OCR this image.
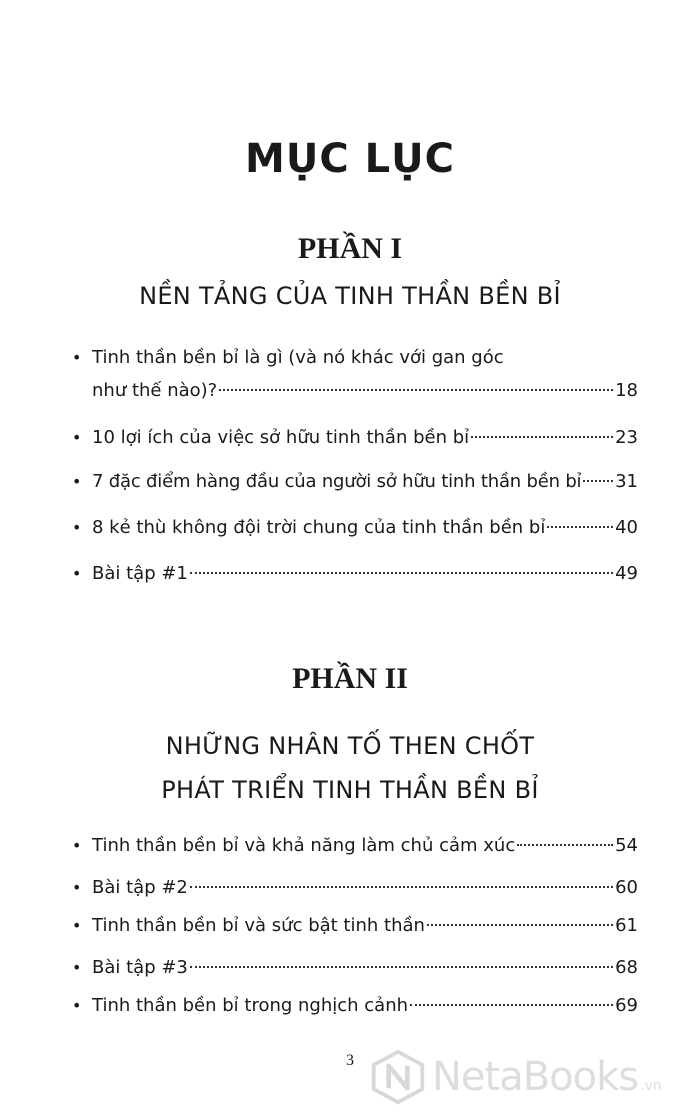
MỤC LỤC
PHẦN I
NỀN TẢNG CỦA TINH THẦN BỀN BỈ
• Tinh thần bền bỉ là gì (và nó khác với gan góc
như thế nào)?	18
• 10 lợi ích của việc sở hữu tinh thần bền bỉ	23
• 7 đặc điểm hàng đầu của người sở hữu tinh thần bền bỉ 31
• 8 kẻ thù không đội trời chung của tinh thần bền bỉ	40
• Bài tập #1	49
PHẦN II
NHỮNG NHÂN TỐ THEN CHỐT
PHÁT TRIỂN TINH THẦN BỀN BỈ
• Tinh thần bền bỉ và khả năng làm chủ cảm xúc	54
• Bài tập #2	60
• Tinh thần bền bỉ và sức bật tinh thần	61
• Bài tập #3	68
• Tinh thần bền bỉ trong nghịch cảnh	69
3	NetaBooks .vn
